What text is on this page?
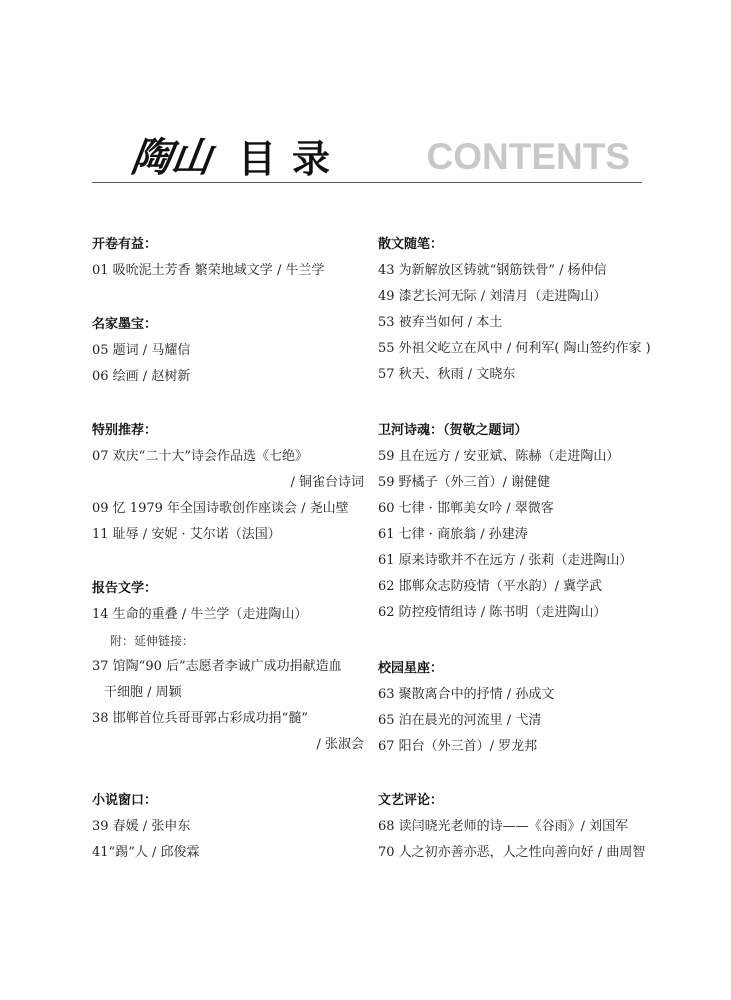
陶山 目录 CONTENTS
开卷有益：
01 吸吮泥土芳香 繁荣地域文学 / 牛兰学
名家墨宝：
05 题词 / 马耀信
06 绘画 / 赵树新
特别推荐：
07 欢庆“二十大”诗会作品选《七绝》
/ 铜雀台诗词
09 忆 1979 年全国诗歌创作座谈会 / 尧山壁
11 耻辱 / 安妮 · 艾尔诺（法国）
报告文学：
14 生命的重叠 / 牛兰学（走进陶山）
附：延伸链接：
37 馆陶“90 后”志愿者李诚广成功捐献造血
干细胞 / 周颖
38 邯郸首位兵哥哥郭占彩成功捐“髓”
/ 张淑会
小说窗口：
39 春媛 / 张申东
41“踢”人 / 邱俊霖
散文随笔：
43 为新解放区铸就“钢筋铁骨” / 杨仲信
49 漆艺长河无际 / 刘清月（走进陶山）
53 被弃当如何 / 本土
55 外祖父屹立在风中 / 何利军( 陶山签约作家 )
57 秋天、秋雨 / 文晓东
卫河诗魂：（贺敬之题词）
59 且在远方 / 安亚斌、陈赫（走进陶山）
59 野橘子（外三首）/ 谢健健
60 七律 · 邯郸美女吟 / 翠微客
61 七律 · 商旅翁 / 孙建涛
61 原来诗歌并不在远方 / 张莉（走进陶山）
62 邯郸众志防疫情（平水韵）/ 冀学武
62 防控疫情组诗 / 陈书明（走进陶山）
校园星座：
63 聚散离合中的抒情 / 孙成文
65 泊在晨光的河流里 / 弋清
67 阳台（外三首）/ 罗龙邦
文艺评论：
68 读闫晓光老师的诗——《谷雨》/ 刘国军
70 人之初亦善亦恶，人之性向善向好 / 曲周智
